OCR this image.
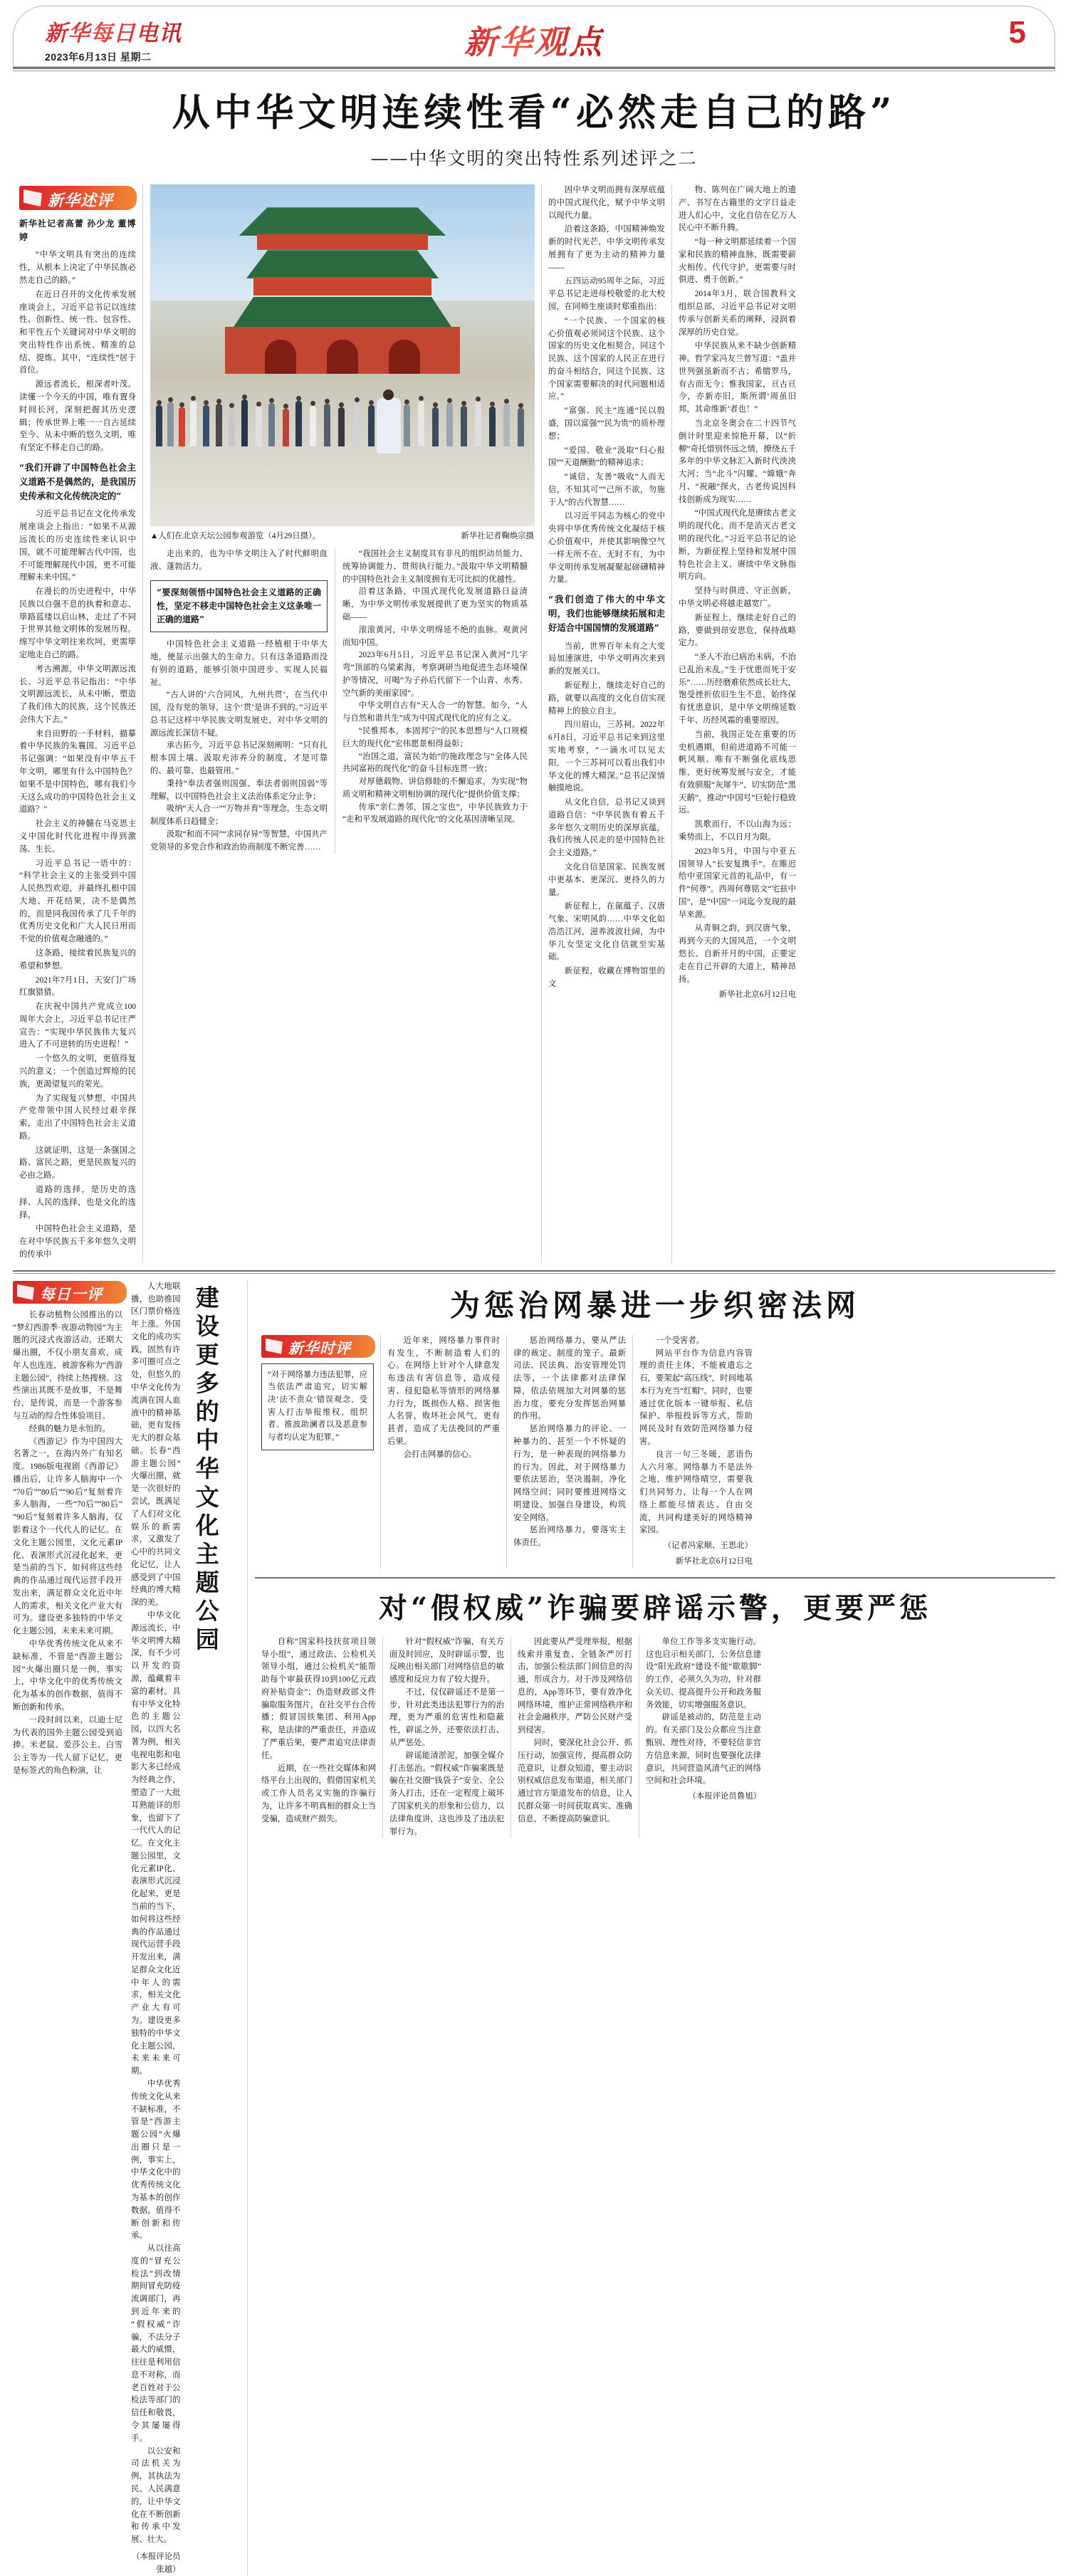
新华每日电讯
2023年6月13日 星期二	新华观点	5
从中华文明连续性看“必然走自己的路”
——中华文明的突出特性系列述评之二
新华述评
新华社记者高蕾 孙少龙 董博婷

“中华文明具有突出的连续性，从根本上决定了中华民族必然走自己的路。”

在近日召开的文化传承发展座谈会上，习近平总书记以连续性、创新性、统一性、包容性、和平性五个关键词对中华文明的突出特性作出系统、精准的总结、提炼。其中，“连续性”居于首位。

源远者流长，根深者叶茂。读懂一个今天的中国，唯有置身时间长河，深刻把握其历史逻辑；传承世界上唯一一自古延续至今、从未中断的悠久文明，唯有坚定不移走自己的路。

“我们开辟了中国特色社会主义道路不是偶然的，是我国历史传承和文化传统决定的”

习近平总书记在文化传承发展座谈会上指出：“如果不从源远流长的历史连续性来认识中国，就不可能理解古代中国，也不可能理解现代中国，更不可能理解未来中国。”

在漫长的历史进程中，中华民族以自强不息的执着和意志、筚路蓝缕以启山林，走过了不同于世界其他文明体的发展历程。绵写中华文明往来坎坷，更需筚定地走自己的路。

考古溯源，中华文明源远流长。习近平总书记指出：“中华文明源远流长，从未中断，塑造了我们伟大的民族，这个民族还会伟大下去。”

来自田野的一手材料，描摹着中华民族的朱襄国。习近平总书记强调：“如果没有中华五千年文明，哪里有什么中国特色？如果不是中国特色，哪有我们今天这么成功的中国特色社会主义道路？”

社会主义的神髓在马克思主义中国化时代化进程中得到激荡、生长。

习近平总书记一语中的：“科学社会主义的主张受到中国人民热烈欢迎，并最终扎根中国大地、开花结果，决不是偶然的，而是同我国传承了几千年的优秀历史文化和广大人民日用而不觉的价值观念融通的。”

这条路，接续着民族复兴的希望和梦想。

2021年7月1日，天安门广场红旗猎猎。

在庆祝中国共产党成立100周年大会上，习近平总书记庄严宣告：“实现中华民族伟大复兴进入了不可逆转的历史进程！”

一个悠久的文明，更值得复兴的意义；一个创造过辉煌的民族，更渴望复兴的荣光。

为了实现复兴梦想，中国共产党带领中国人民经过艰辛探索，走出了中国特色社会主义道路。

这就证明，这是一条强国之路、富民之路，更是民族复兴的必由之路。

道路的选择，是历史的选择、人民的选择，也是文化的选择。

中国特色社会主义道路，是在对中华民族五千多年悠久文明的传承中

▲人们在北京天坛公园参观游览（4月29日摄）。	新华社记者鞠焕宗摄

走出来的，也为中华文明注入了时代鲜明血液、蓬勃活力。

“要深刻领悟中国特色社会主义道路的正确性，坚定不移走中国特色社会主义这条唯一正确的道路”

中国特色社会主义道路一经植根于中华大地，便显示出强大的生命力。只有这条道路而没有别的道路，能够引领中国进步、实现人民福祉。

“古人讲的‘六合同风，九州共贯’，在当代中国，没有党的领导，这个‘贯’是讲不到的。”习近平总书记这样中华民族文明发展史，对中华文明的源远流长深信不疑。

承古拓今，习近平总书记深刻阐明：“只有扎根本国土壤、汲取充沛养分的制度，才是可靠的、最可靠、也最管用。”

秉持“奉法者强则国强、奉法者弱则国弱”等理解，以中国特色社会主义法治体系定分止争；

吸纳“天人合一”“万物并育”等理念，生态文明制度体系日趋健全；

汲取“和而不同”“求同存异”等智慧，中国共产党领导的多党合作和政治协商制度不断完善……

“我国社会主义制度具有非凡的组织动员能力、统筹协调能力、贯彻执行能力。”汲取中华文明精髓的中国特色社会主义制度拥有无可比拟的优越性。

沿着这条路，中国式现代化发展道路日益清晰，为中华文明传承发展提供了更为坚实的物质基础——

滚滚黄河，中华文明绵延不绝的血脉。观黄河而知中国。

2023年6月5日，习近平总书记深入黄河“几字弯”顶部的乌梁素海，考察调研当地促进生态环境保护等情况，可喝“为子孙后代留下一个山青、水秀、空气新的美丽家园”。

中华文明自古有“天人合一”的智慧。如今，“人与自然和谐共生”成为中国式现代化的应有之义。

“民惟邦本，本固邦宁”的民本思想与“人口规模巨大的现代化”宏伟愿景相得益彰；

“治国之道，富民为始”的施政理念与“全体人民共同富裕的现代化”的奋斗目标连贯一致；

对厚德载物、讲信修睦的不懈追求，为实现“物质文明和精神文明相协调的现代化”提供价值支撑；

传承“亲仁善邻，国之宝也”，中华民族致力于“走和平发展道路的现代化”的文化基因清晰呈现。

因中华文明而拥有深厚底蕴的中国式现代化，赋予中华文明以现代力量。

沿着这条路，中国精神焕发新的时代光芒，中华文明传承发展拥有了更为主动的精神力量——

五四运动95周年之际，习近平总书记走进母校敬爱的北大校园，在同师生座谈时郑重指出：

“一个民族、一个国家的核心价值观必须同这个民族、这个国家的历史文化相契合，同这个民族、这个国家的人民正在进行的奋斗相结合，同这个民族、这个国家需要解决的时代问题相适应。”

“富强、民主”连通“民以殷盛，国以富强”“民为贵”的质朴理想；

“爱国、敬业”汲取“归心报国”“天道酬勤”的精神追求；

“诚信、友善”吸收“人而无信，不知其可”“己所不欲，勿施于人”的古代智慧……

以习近平同志为核心的党中央将中华优秀传统文化凝结于核心价值观中，并使其影响像空气一样无所不在、无时不有，为中华文明传承发展凝聚起磅礴精神力量。

“我们创造了伟大的中华文明，我们也能够继续拓展和走好适合中国国情的发展道路”

当前，世界百年未有之大变局加速演进，中华文明再次来到新的发展关口。

新征程上，继续走好自己的路，就要以高度的文化自信实现精神上的独立自主。

四川眉山，三苏祠。2022年6月8日，习近平总书记来到这里实地考察，“一滴水可以见太阳，一个三苏祠可以看出我们中华文化的博大精深。”总书记深情触摸地说。

从文化自信，总书记又谈到道路自信：“中华民族有着五千多年悠久文明历史的深厚底蕴，我们传统人民走的是中国特色社会主义道路。”

文化自信是国家、民族发展中更基本、更深沉、更持久的力量。

新征程上，在氤蕴子、汉唐气象、宋明风韵……中华文化如浩浩江河，滋养波波壮阔，为中华儿女坚定文化自信就至实基础。

新征程，收藏在博物馆里的文

物、陈列在广阔大地上的遗产、书写在古籍里的文字日益走进人们心中，文化自信在亿万人民心中不断升腾。

“每一种文明都延续着一个国家和民族的精神血脉，既需要薪火相传、代代守护，更需要与时俱进、勇于创新。”

2014年3月，联合国教科文组织总部，习近平总书记对文明传承与创新关系的阐释，浸润着深厚的历史自觉。

中华民族从来不缺少创新精神。哲学家冯友兰曾写道：“盖并世列强虽新而不古；希腊罗马，有古而无今；惟我国家，亘古亘今，亦新亦旧，斯所谓‘周虽旧邦，其命维新’者也！”

当北京冬奥会在二十四节气倒计时里迎来惊艳开幕，以“折柳”奇托惜别怀远之情，撩绕五千多年的中华文脉汇入新时代泱泱大河；当“北斗”闪耀、“嫦娥”奔月、“祝融”探火，古老传说因科技创新成为现实……

“中国式现代化是赓续古老文明的现代化，而不是消灭古老文明的现代化。”习近平总书记的论断，为新征程上坚持和发展中国特色社会主义、赓续中华文脉指明方向。

坚持与时俱进、守正创新，中华文明必将越走越宽广。

新征程上，继续走好自己的路，要做到昂安思危，保持战略定力。

“圣人不治已病治未病，不治已乱治未乱。”生于忧患而死于安乐”……历经磨难依然成长壮大，饱受挫折依旧生生不息，始终保有忧患意识，是中华文明绵延数千年、历经风霜的重要原因。

当前，我国正处在重要的历史机遇期，但前进道路不可能一帆风顺。唯有不断强化底线思维，更好统筹发展与安全，才能有效驯服“灰犀牛”、切实防范“黑天鹅”，推动“中国号”巨轮行稳致远。

凯歌而行，不以山海为远；乘势而上，不以日月为限。

2023年5月，中国与中亚五国领导人“长安复携手”。在睢迟给中亚国家元首的礼品中，有一件“何尊”。西周何尊铭文“宅兹中国”，是“中国”一词迄今发现的最早来源。

从青铜之韵，到汉唐气象，再到今天的大国风范，一个文明悠长、自新开月的中国，正要定走在自己开辟的大道上，精神昂扬。

新华社北京6月12日电
每日一评

长春动植物公园推出的以“梦幻西游季·夜游动物园”为主题的沉浸式夜游活动，还期大爆出圈，不仅小朋友喜欢，成年人也连连，被游客称为“西游主题公园”，持续上热搜榜。这些演出其既不是故事，不是舞台，是传说，而是一个游客参与互动的综合性体验项目。

经典的魅力是永恒的。

《西游记》作为中国四大名著之一，在海内外广有知名度。1986版电视剧《西游记》播出后，让许多人脑海中一个“70后”“80后”“90后”复刻着许多人脑海，一些“70后”“80后”“90后”复刻着许多人脑海，仅影着这个一代代人的记忆。在文化主题公园里，文化元素IP化、表演形式沉浸化起来，更是当前的当下，如何将这些经典的作品通过现代运营手段开发出来，满足群众文化近中年人的需求，相关文化产业大有可为。建设更多独特的中华文化主题公园，未来未来可期。

中华优秀传统文化从来不缺标准，不管是“西游主题公园”火爆出圈只是一例，事实上，中华文化中的优秀传统文化为基本的创作数据，值得不断创新和传承。

一段时间以来，以迪士尼为代表的国外主题公园受到追捧。米老鼠、爱莎公主、白雪公主等为一代人留下记忆，更是标签式的角色粉演，让

人大地联播，也助推园区门票价格连年上涨。外国文化的成功实践，固然有许多可圈可点之处，但悠久的中华文化传为流淌在国人血液中的精神基础，更有发扬光大的群众基础。长春“西游主题公园”火爆出圈，就是一次很好的尝试，既满足了人们对文化娱乐的新需求，又激发了心中的共同文化记忆，让人感受到了中国经典的博大精深的美。

中华文化源远流长，中华文明博大精深，有不少可以开发的资源，蕴藏着丰富的素材。具有中华文化特色的主题公园，以四大名著为例，相关电视电影和电影大多已经成为经典之作，塑造了一大批耳熟能详的形象，也留下了一代代人的记忆。在文化主题公园里，文化元素IP化、表演形式沉浸化起来，更是当前的当下，如何将这些经典的作品通过现代运营手段开发出来，满足群众文化近中年人的需求，相关文化产业大有可为。建设更多独特的中华文化主题公园，未来未来可期。

中华优秀传统文化从来不缺标准，不管是“西游主题公园”火爆出圈只是一例，事实上，中华文化中的优秀传统文化为基本的创作数据，值得不断创新和传承。

从以往高度的“冒充公检法”到改情期间冒充防疫流调部门，再到近年来的“假权威”诈骗，不法分子最大的威慑，往往是利用信息不对称，而老百姓对于公检法等部门的信任和敬畏，令其屡屡得手。

以公安和司法机关为例，其执法为民、人民满意的，让中华文化在不断创新和传承中发展、壮大。

（本报评论员张越）
建设更多的中华文化主题公园	为惩治网暴进一步织密法网
新华时评
“对于网络暴力违法犯罪，应当依法严肃追究，切实解决‘法不责众’错误观念、受害人打击举报维权、组织者、推波助澜者以及恶意参与者均认定为犯罪。”

近年来，网络暴力事件时有发生，不断制造着人们的心。在网络上针对个人肆意发布违法有害信息等，造成侵害、侵犯隐私等情形的网络暴力行为，既损伤人格、损害他人名誉，败坏社会风气，更有甚者，造成了无法挽回的严重后果。

会打击网暴的信心。

惩治网络暴力，要从严法律的裁定、制度的笼子。最新司法、民法典、治安管理处罚法等，一个法律都对法律保障，依法依规加大对网暴的惩治力度，要充分发挥惩治网暴的作用。

惩治网络暴力的评论、一种暴力的、甚至一个不怀疑的行为，是一种表现的网络暴力的行为。因此，对于网络暴力要依法惩治，坚决遏制，净化网络空间；同时要推进网络文明建设、加强自身建设，构筑安全网络。

惩治网络暴力，要落实主体责任。

一个受害者。

网站平台作为信息内容管理的责任主体，不能被遗忘之石，要架起“高压线”，时间地基本行为充当“红帽”。同时，也要通过优化版本一键举报、私信保护、举报投诉等方式，帮助网民及时有效防范网络暴力侵害。

良言一句三冬暖，恶语伤人六月寒。网络暴力不是法外之地，维护网络晴空，需要我们共同努力，让每一个人在网络上都能尽情表达、自由交流，共同构建美好的网络精神家园。

（记者冯家顺、王思北）
新华社北京6月12日电
对“假权威”诈骗要辟谣示警，更要严惩

自称“国家科技扶贫项目领导小组”，通过政法、公检机关领导小组，通过公检机关“能帮助每个审最获得10到100亿元政府补贴资金”；伪造财政部文件骗取服务图片，在社交平台合传播；假冒国铁集团、利用App称，是法律的严重责任，并造成了严重后果，要严肃追究法律责任。

近期，在一些社交媒体和网络平台上出现的，假借国家机关或工作人员名义实施的诈骗行为，让许多不明真相的群众上当受骗，造成财产损失。

针对“假权威”诈骗，有关方面及时回应，及时辟谣示警，也反映出相关部门对网络信息的敏感度和反应力有了较大提升。

不过，仅仅辟谣还不是第一步，针对此类违法犯罪行为的治理，更为严重的危害性和隐蔽性，辟谣之外，还要依法打击、从严惩处。

辟谣能清淤泥，加强全媒介打击惩治。“假权威”诈骗案既是骗在社交圈“钱袋子”安全、全公务人打击，还在一定程度上破坏了国家机关的形象和公信力，以法律角度讲，这也涉及了违法犯罪行为。

因此要从严受理举报，根据线索并重复查、全链条严厉打击，加强公检法部门间信息的沟通，形成合力。对于涉及网络信息的，App等环节，要有效净化网络环境，维护正常网络秩序和社会金融秩序，严防公民财产受到侵害。

同时，要深化社会公开、抓压行动，加强宣传，提高群众防范意识，让群众知道，要主动识别权威信息发布渠道，相关部门通过官方渠道发布的信息，让人民群众第一时间获取真实、准确信息，不断提高防骗意识。

单位工作等多支实施行动。这也启示相关部门，公务信息建设“阳光政府”建设不能“歇歇脚”的工作，必须久久为功，针对群众关切、提高提升公开和政务服务效能，切实增强服务意识。

辟谣是被动的，防范是主动的。有关部门及公众都应当注意甄别、理性对待，不要轻信非官方信息来源，同时也要强化法律意识，共同营造风清气正的网络空间和社会环境。

（本报评论员鲁旭）
